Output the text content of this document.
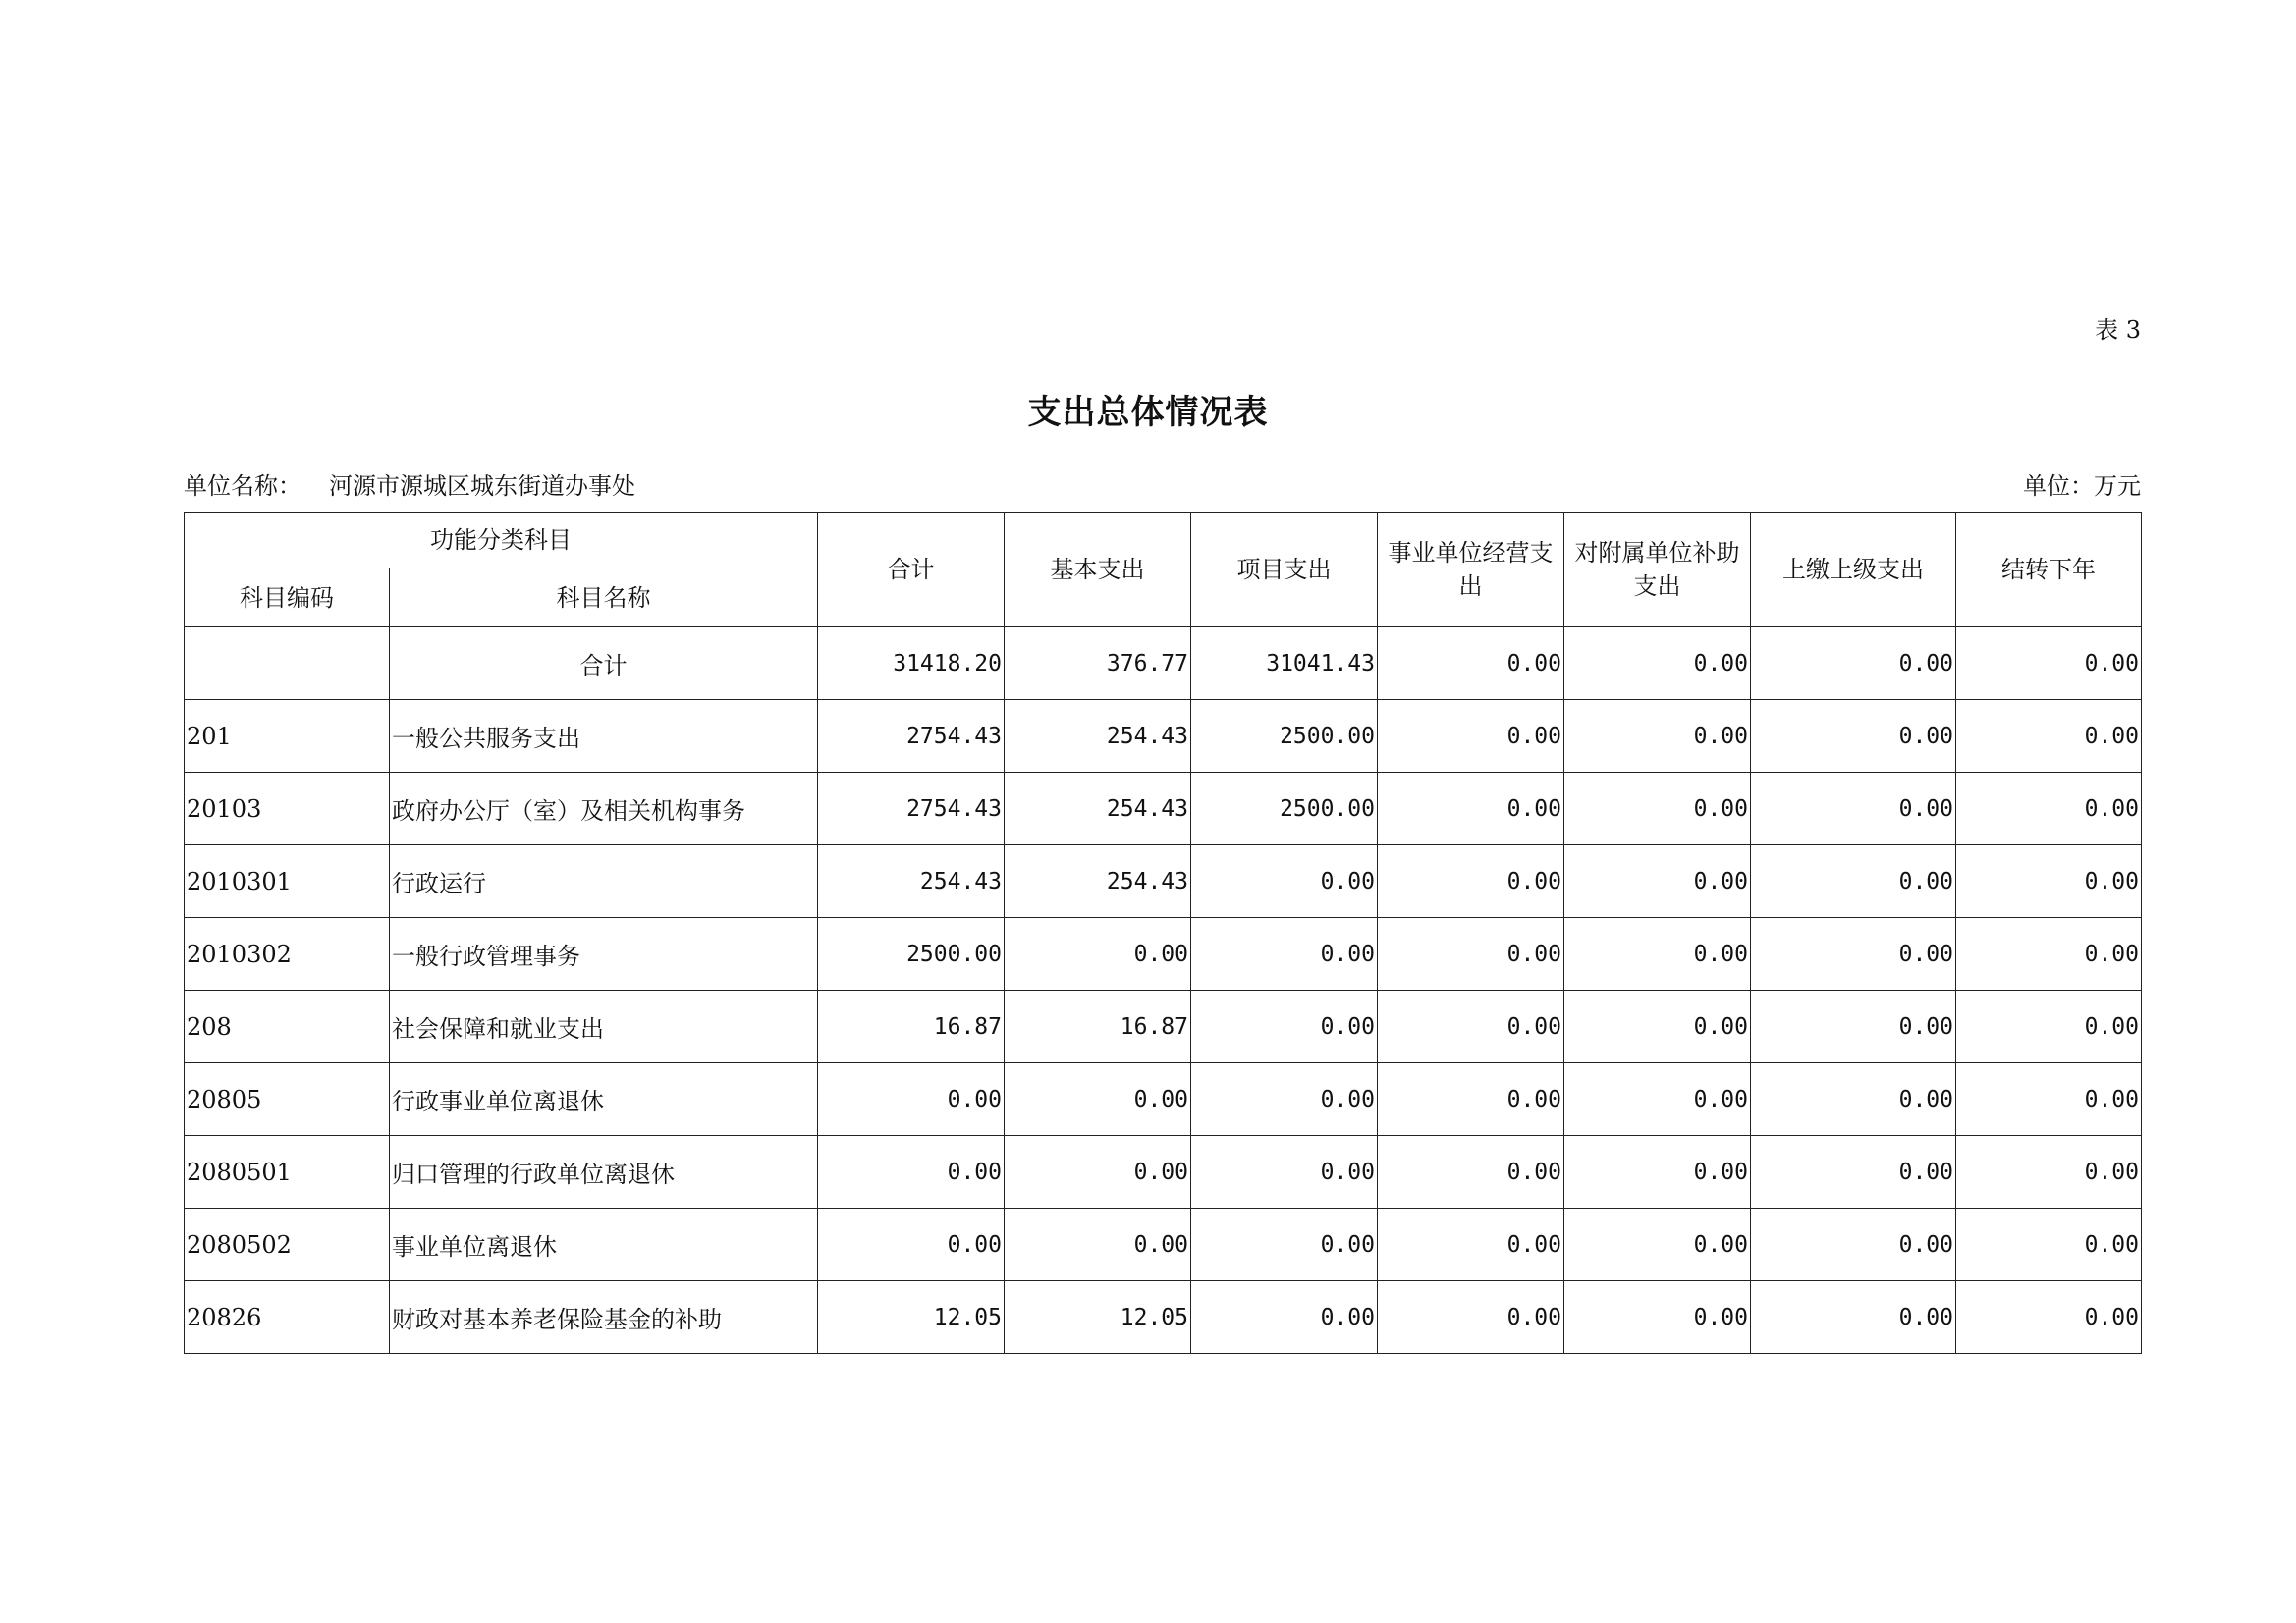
表 3
支出总体情况表
单位名称： 河源市源城区城东街道办事处	单位：万元
功能分类科目		合计	基本支出	项目支出	事业单位经营支出	对附属单位补助支出	上缴上级支出	结转下年
科目编码	科目名称							
	合计	31418.20	376.77	31041.43	0.00	0.00	0.00	0.00
201	一般公共服务支出	2754.43	254.43	2500.00	0.00	0.00	0.00	0.00
20103	政府办公厅（室）及相关机构事务	2754.43	254.43	2500.00	0.00	0.00	0.00	0.00
2010301	行政运行	254.43	254.43	0.00	0.00	0.00	0.00	0.00
2010302	一般行政管理事务	2500.00	0.00	0.00	0.00	0.00	0.00	0.00
208	社会保障和就业支出	16.87	16.87	0.00	0.00	0.00	0.00	0.00
20805	行政事业单位离退休	0.00	0.00	0.00	0.00	0.00	0.00	0.00
2080501	归口管理的行政单位离退休	0.00	0.00	0.00	0.00	0.00	0.00	0.00
2080502	事业单位离退休	0.00	0.00	0.00	0.00	0.00	0.00	0.00
20826	财政对基本养老保险基金的补助	12.05	12.05	0.00	0.00	0.00	0.00	0.00
